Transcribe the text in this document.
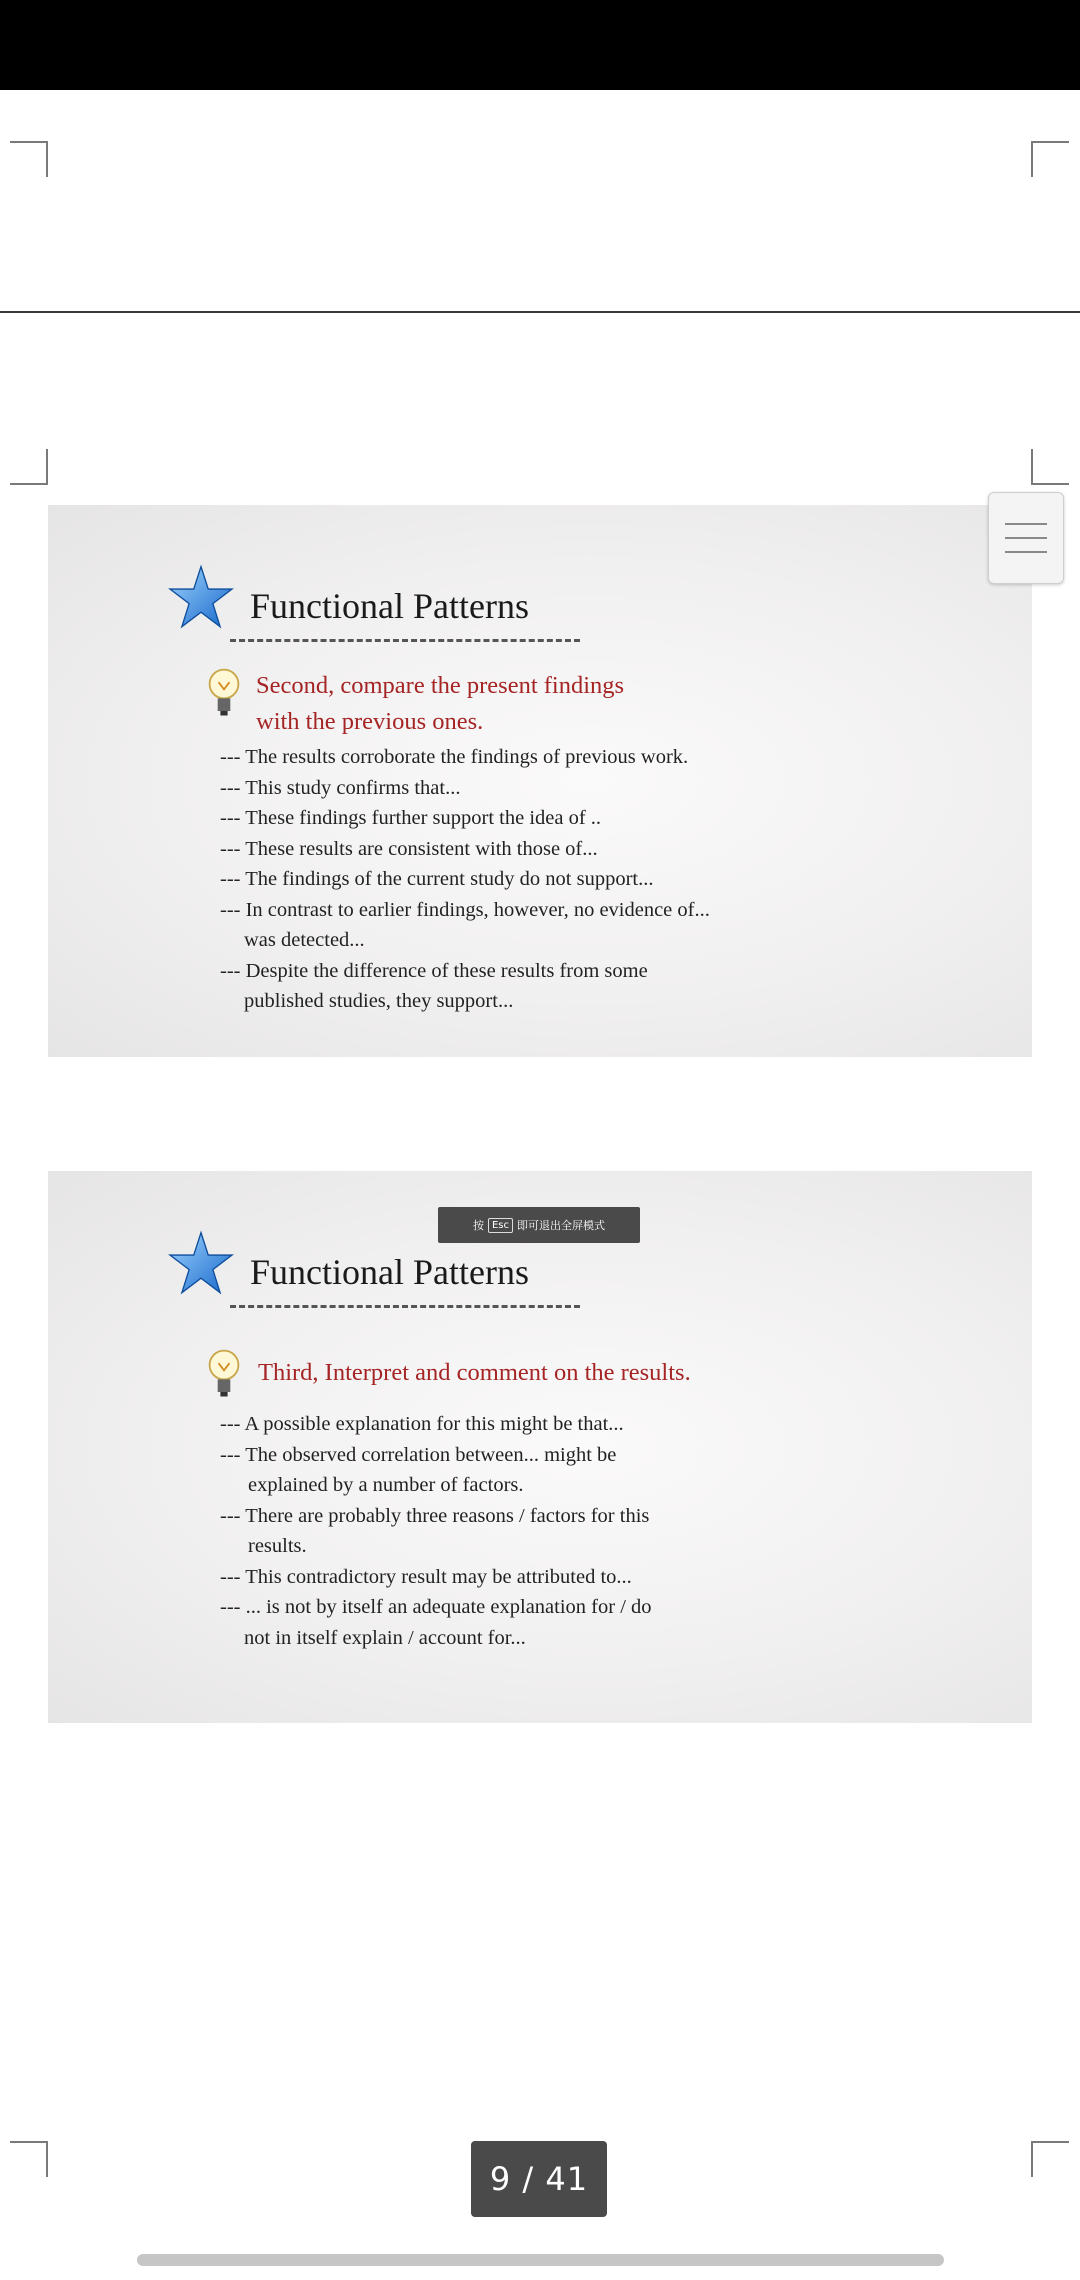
Functional Patterns
Second, compare the present findings
with the previous ones.
--- The results corroborate the findings of previous work.
--- This study confirms that...
--- These findings further support the idea of ..
--- These results are consistent with those of...
--- The findings of the current study do not support...
--- In contrast to earlier findings, however, no evidence of...
was detected...
--- Despite the difference of these results from some
published studies, they support...
Functional Patterns
Third, Interpret and comment on the results.
--- A possible explanation for this might be that...
--- The observed correlation between... might be
explained by a number of factors.
--- There are probably three reasons / factors for this
results.
--- This contradictory result may be attributed to...
--- ... is not by itself an adequate explanation for / do
not in itself explain / account for...
按 Esc 即可退出全屏模式
9 / 41
